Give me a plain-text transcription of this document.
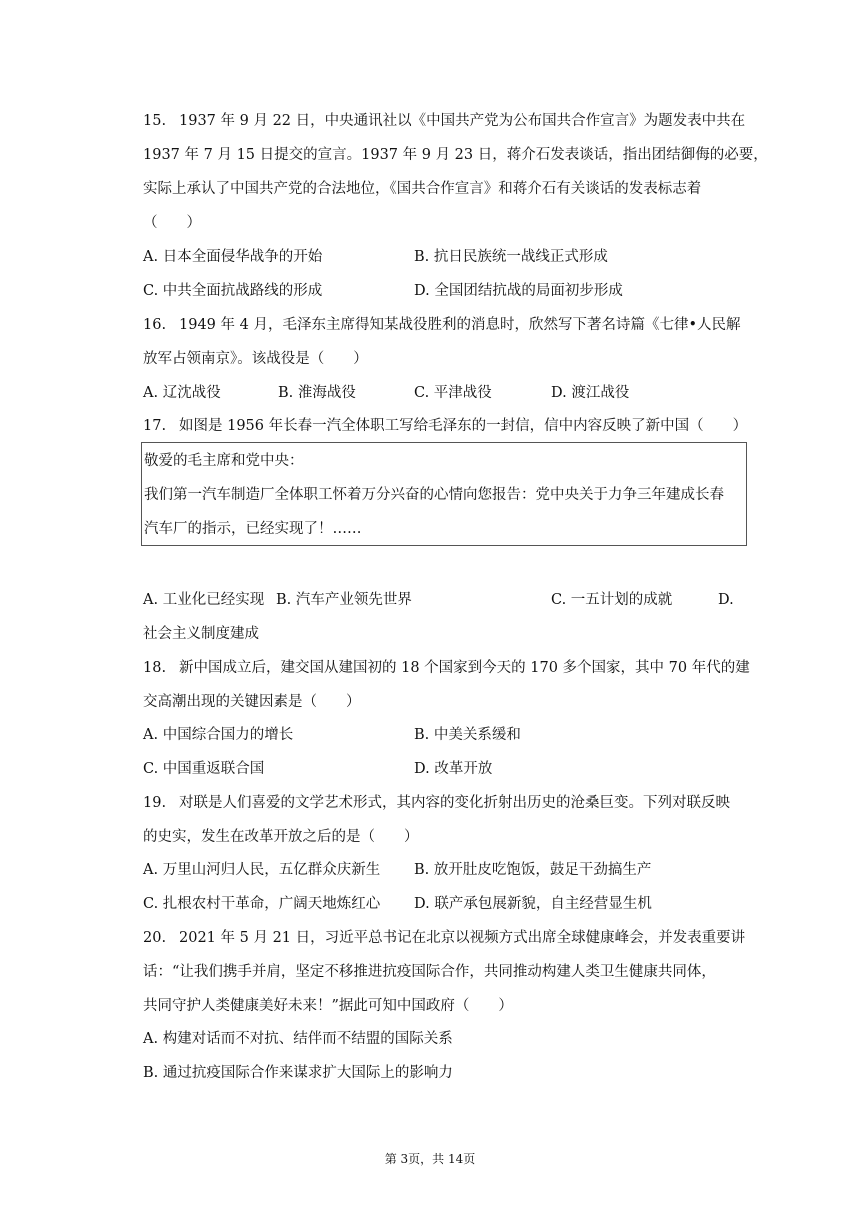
15. 1937 年 9 月 22 日，中央通讯社以《中国共产党为公布国共合作宣言》为题发表中共在
1937 年 7 月 15 日提交的宣言。1937 年 9 月 23 日，蒋介石发表谈话，指出团结御侮的必要，
实际上承认了中国共产党的合法地位，《国共合作宣言》和蒋介石有关谈话的发表标志着
（　　）
A. 日本全面侵华战争的开始	B. 抗日民族统一战线正式形成
C. 中共全面抗战路线的形成	D. 全国团结抗战的局面初步形成
16. 1949 年 4 月，毛泽东主席得知某战役胜利的消息时，欣然写下著名诗篇《七律•人民解
放军占领南京》。该战役是（　　）
A. 辽沈战役	B. 淮海战役	C. 平津战役	D. 渡江战役
17. 如图是 1956 年长春一汽全体职工写给毛泽东的一封信，信中内容反映了新中国（　　）
敬爱的毛主席和党中央：
我们第一汽车制造厂全体职工怀着万分兴奋的心情向您报告：党中央关于力争三年建成长春
汽车厂的指示，已经实现了！……
A. 工业化已经实现 B. 汽车产业领先世界	C. 一五计划的成就	D.
社会主义制度建成
18. 新中国成立后，建交国从建国初的 18 个国家到今天的 170 多个国家，其中 70 年代的建
交高潮出现的关键因素是（　　）
A. 中国综合国力的增长	B. 中美关系缓和
C. 中国重返联合国	D. 改革开放
19. 对联是人们喜爱的文学艺术形式，其内容的变化折射出历史的沧桑巨变。下列对联反映
的史实，发生在改革开放之后的是（　　）
A. 万里山河归人民，五亿群众庆新生 B. 放开肚皮吃饱饭，鼓足干劲搞生产
C. 扎根农村干革命，广阔天地炼红心 D. 联产承包展新貌，自主经营显生机
20. 2021 年 5 月 21 日，习近平总书记在北京以视频方式出席全球健康峰会，并发表重要讲
话：“让我们携手并肩，坚定不移推进抗疫国际合作，共同推动构建人类卫生健康共同体，
共同守护人类健康美好未来！”据此可知中国政府（　　）
A. 构建对话而不对抗、结伴而不结盟的国际关系
B. 通过抗疫国际合作来谋求扩大国际上的影响力
第 3页，共 14页
